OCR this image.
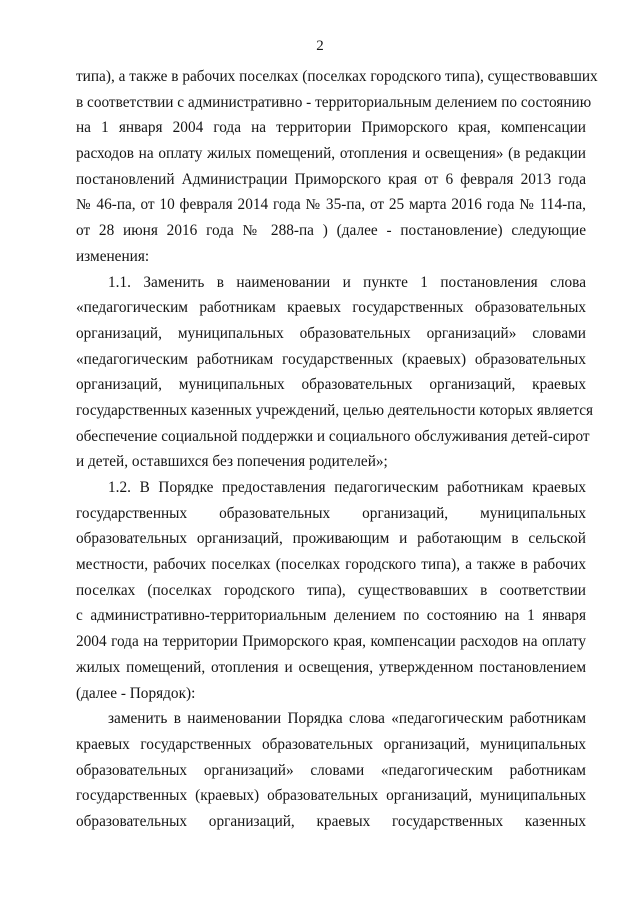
2
типа), а также в рабочих поселках (поселках городского типа), существовавших
в соответствии с административно - территориальным делением по состоянию
на 1 января 2004 года на территории Приморского края, компенсации
расходов на оплату жилых помещений, отопления и освещения» (в редакции
постановлений Администрации Приморского края от 6 февраля 2013 года
№ 46-па, от 10 февраля 2014 года № 35-па, от 25 марта 2016 года № 114-па,
от 28 июня 2016 года № 288-па ) (далее - постановление) следующие
изменения:
1.1. Заменить в наименовании и пункте 1 постановления слова
«педагогическим работникам краевых государственных образовательных
организаций, муниципальных образовательных организаций» словами
«педагогическим работникам государственных (краевых) образовательных
организаций, муниципальных образовательных организаций, краевых
государственных казенных учреждений, целью деятельности которых является
обеспечение социальной поддержки и социального обслуживания детей-сирот
и детей, оставшихся без попечения родителей»;
1.2. В Порядке предоставления педагогическим работникам краевых
государственных образовательных организаций, муниципальных
образовательных организаций, проживающим и работающим в сельской
местности, рабочих поселках (поселках городского типа), а также в рабочих
поселках (поселках городского типа), существовавших в соответствии
с административно-территориальным делением по состоянию на 1 января
2004 года на территории Приморского края, компенсации расходов на оплату
жилых помещений, отопления и освещения, утвержденном постановлением
(далее - Порядок):
заменить в наименовании Порядка слова «педагогическим работникам
краевых государственных образовательных организаций, муниципальных
образовательных организаций» словами «педагогическим работникам
государственных (краевых) образовательных организаций, муниципальных
образовательных организаций, краевых государственных казенных
